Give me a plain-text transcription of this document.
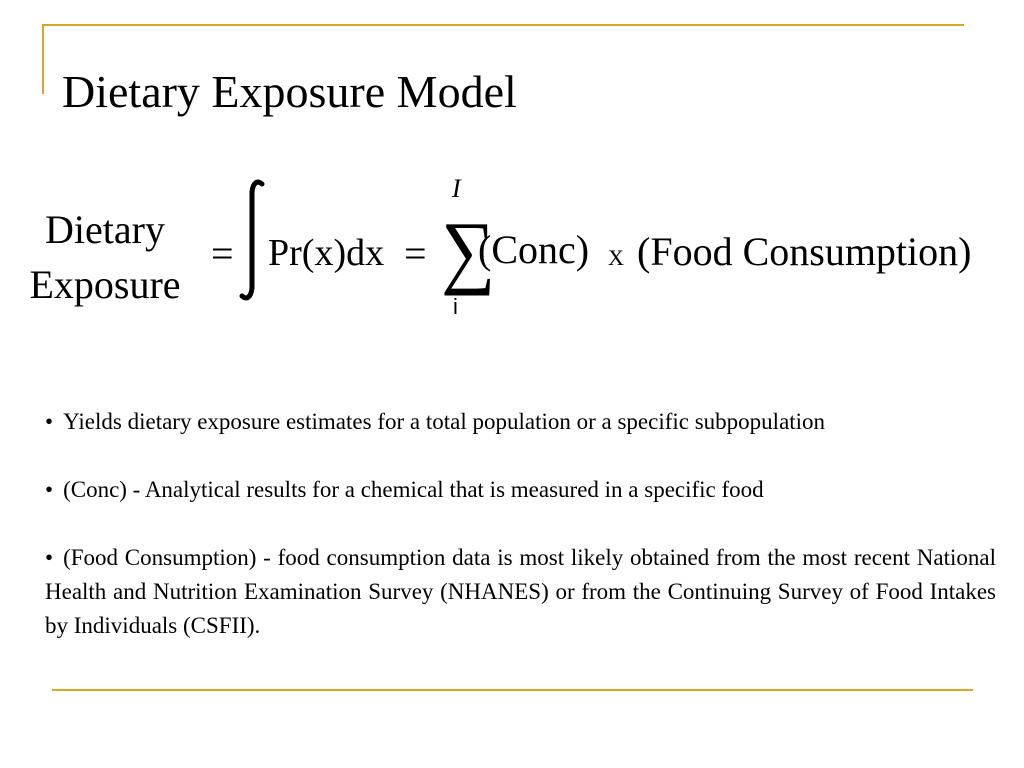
Dietary Exposure Model
Dietary
Exposure
= Pr(x)dx =
I
∑
i
(Conc) X (Food Consumption)
• Yields dietary exposure estimates for a total population or a specific subpopulation
• (Conc) - Analytical results for a chemical that is measured in a specific food
• (Food Consumption) - food consumption data is most likely obtained from the most recent National Health and Nutrition Examination Survey (NHANES) or from the Continuing Survey of Food Intakes by Individuals (CSFII).
